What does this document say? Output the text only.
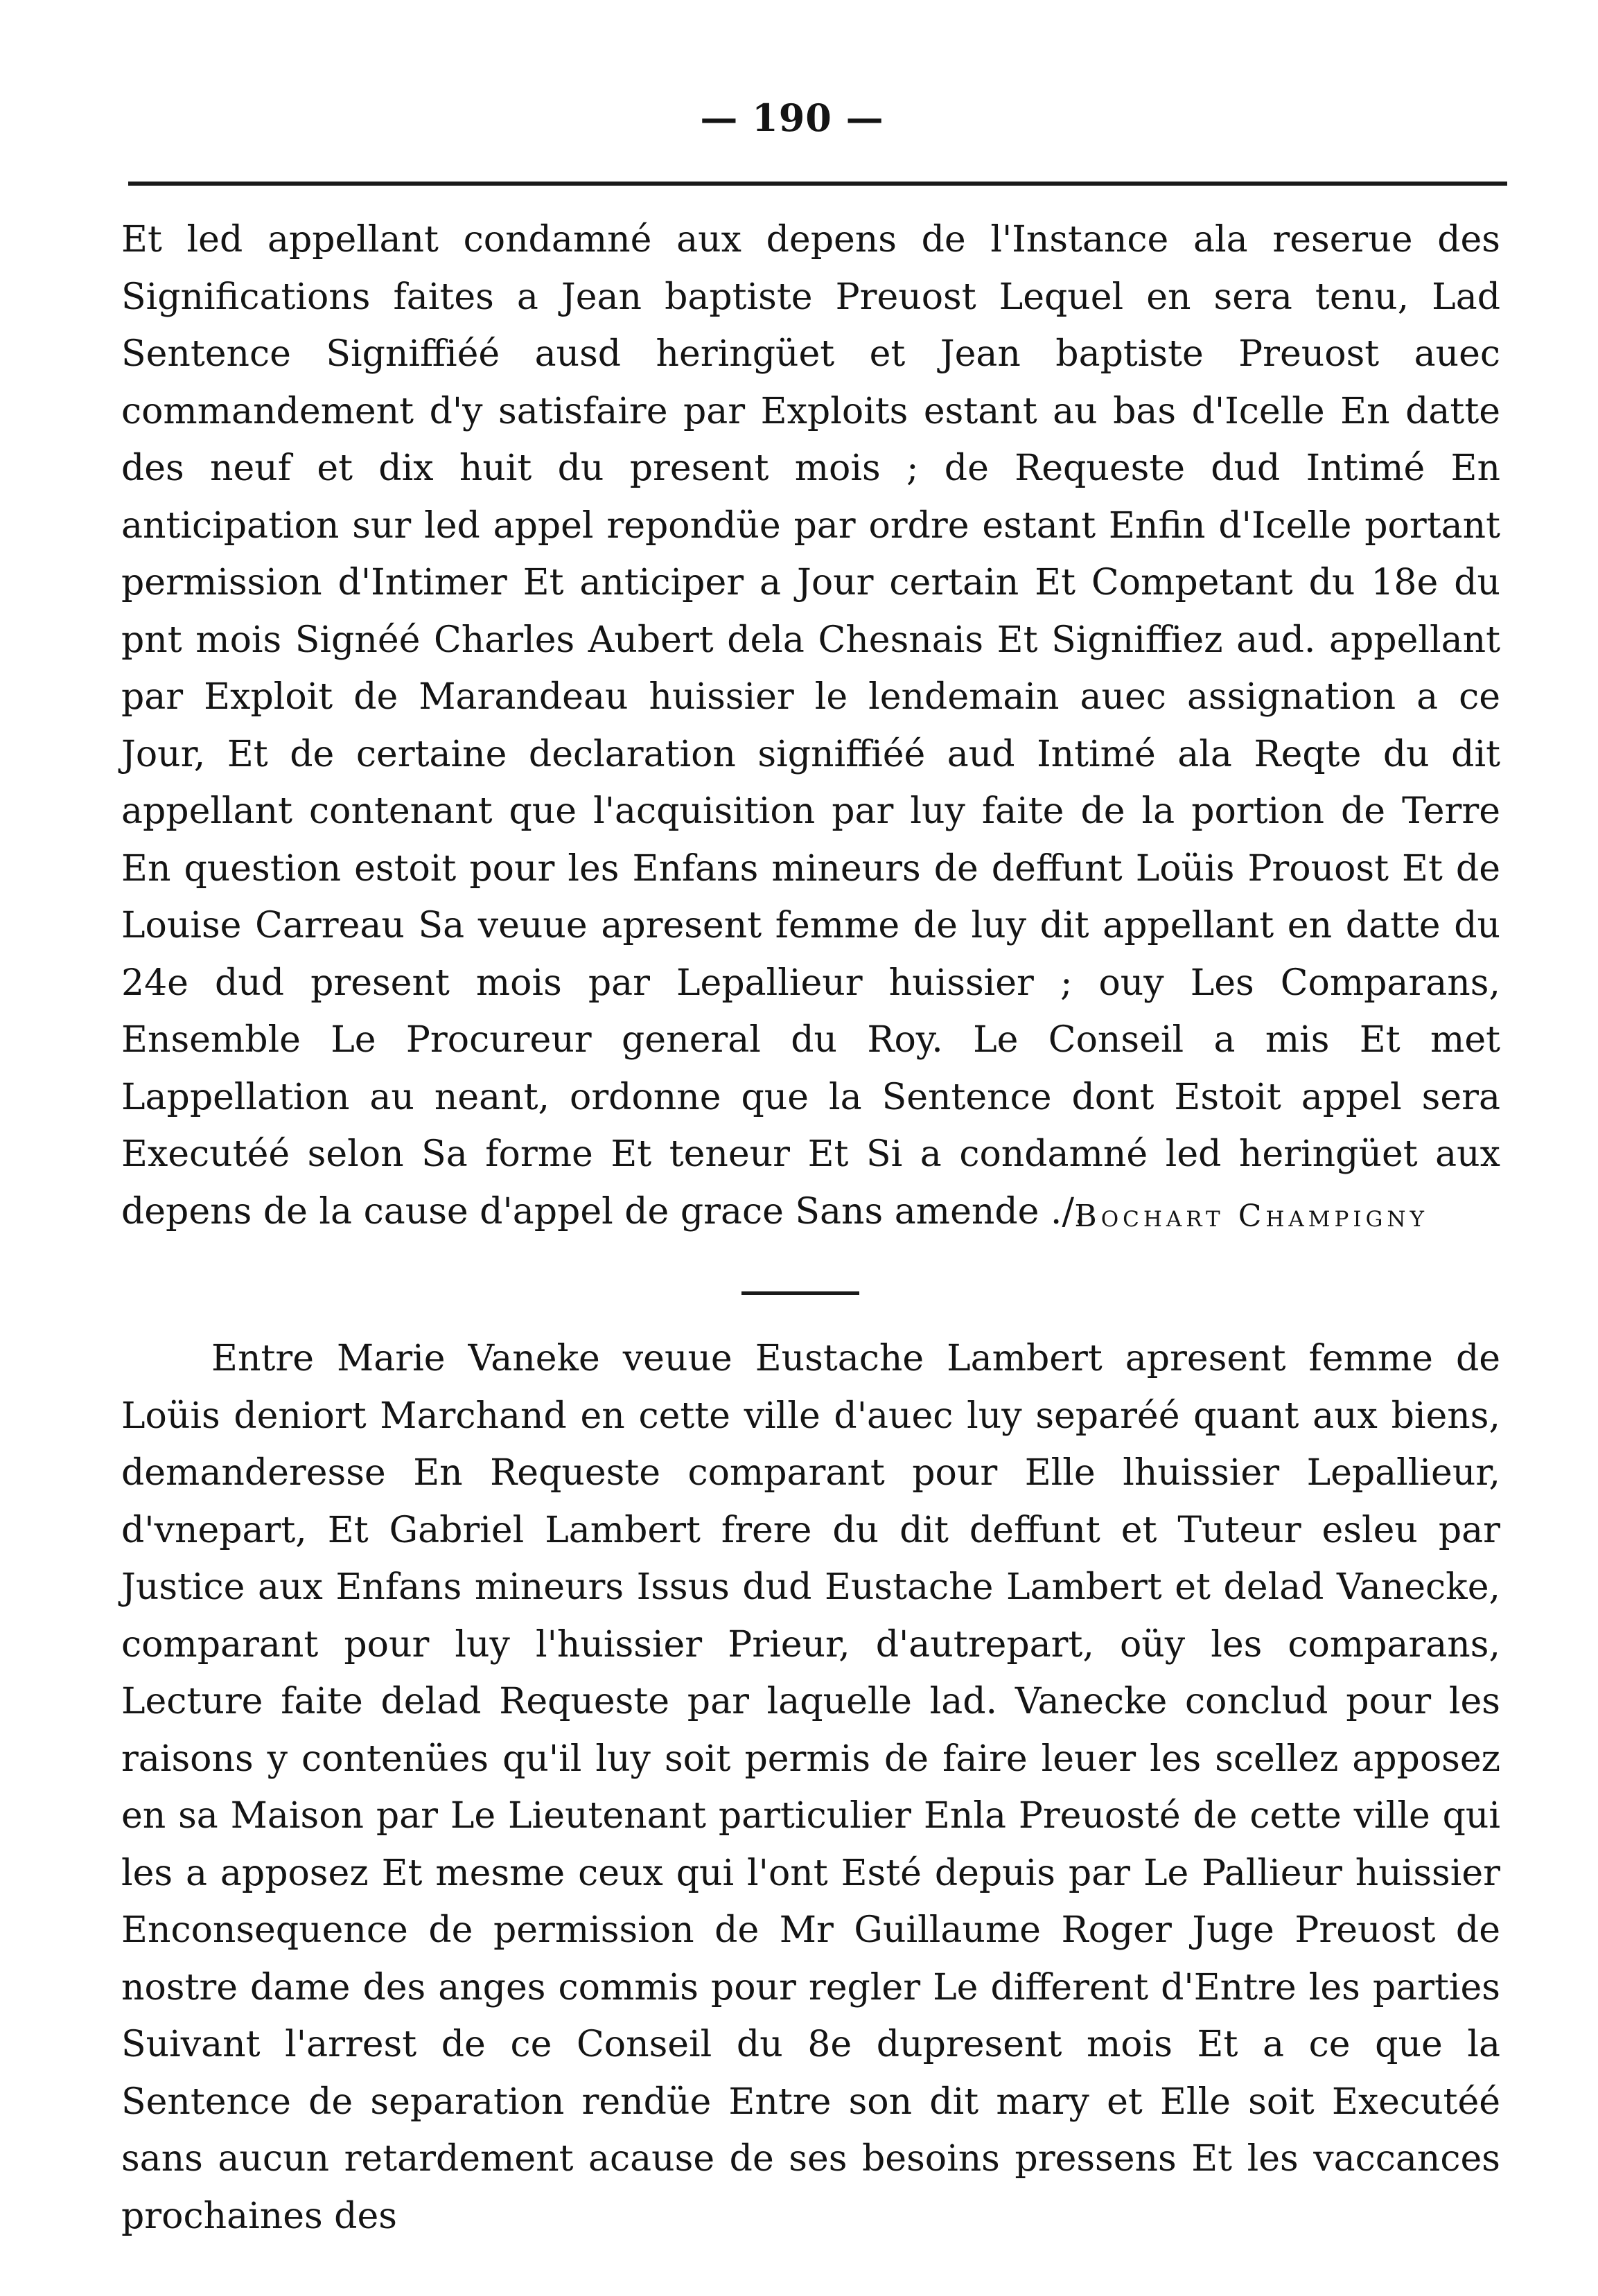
— 190 —
Et led appellant condamné aux depens de l'Instance ala reserue des Significations faites a Jean baptiste Preuost Lequel en sera tenu, Lad Sentence Signiffiéé ausd heringüet et Jean baptiste Preuost auec commandement d'y satisfaire par Exploits estant au bas d'Icelle En datte des neuf et dix huit du present mois ; de Requeste dud Intimé En anticipation sur led appel repondüe par ordre estant Enfin d'Icelle portant permission d'Intimer Et anticiper a Jour certain Et Competant du 18e du pnt mois Signéé Charles Aubert dela Chesnais Et Signiffiez aud. appellant par Exploit de Marandeau huissier le lendemain auec assignation a ce Jour, Et de certaine declaration signiffiéé aud Intimé ala Reqte du dit appellant contenant que l'acquisition par luy faite de la portion de Terre En question estoit pour les Enfans mineurs de deffunt Loüis Prouost Et de Louise Carreau Sa veuue apresent femme de luy dit appellant en datte du 24e dud present mois par Lepallieur huissier ; ouy Les Comparans, Ensemble Le Procureur general du Roy. Le Conseil a mis Et met Lappellation au neant, ordonne que la Sentence dont Estoit appel sera Executéé selon Sa forme Et teneur Et Si a condamné led heringüet aux depens de la cause d'appel de grace Sans amende ./.
Bochart Champigny
Entre Marie Vaneke veuue Eustache Lambert apresent femme de Loüis deniort Marchand en cette ville d'auec luy separéé quant aux biens, demanderesse En Requeste comparant pour Elle lhuissier Lepallieur, d'vnepart, Et Gabriel Lambert frere du dit deffunt et Tuteur esleu par Justice aux Enfans mineurs Issus dud Eustache Lambert et delad Vanecke, comparant pour luy l'huissier Prieur, d'autrepart, oüy les comparans, Lecture faite delad Requeste par laquelle lad. Vanecke conclud pour les raisons y contenües qu'il luy soit permis de faire leuer les scellez apposez en sa Maison par Le Lieutenant particulier Enla Preuosté de cette ville qui les a apposez Et mesme ceux qui l'ont Esté depuis par Le Pallieur huissier Enconsequence de permission de Mr Guillaume Roger Juge Preuost de nostre dame des anges commis pour regler Le different d'Entre les parties Suivant l'arrest de ce Conseil du 8e dupresent mois Et a ce que la Sentence de separation rendüe Entre son dit mary et Elle soit Executéé sans aucun retardement acause de ses besoins pressens Et les vaccances prochaines des
